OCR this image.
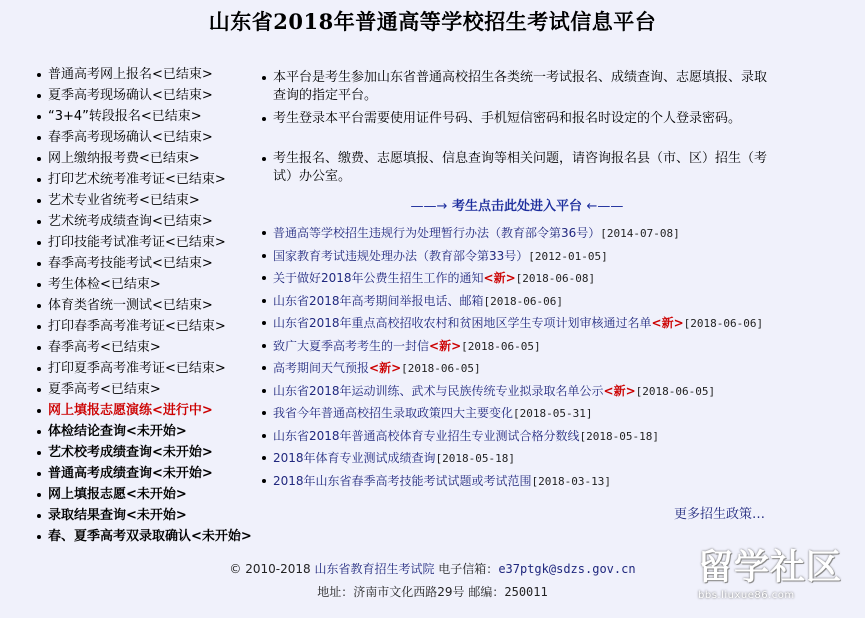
山东省2018年普通高等学校招生考试信息平台
普通高考网上报名<已结束>
夏季高考现场确认<已结束>
“3+4”转段报名<已结束>
春季高考现场确认<已结束>
网上缴纳报考费<已结束>
打印艺术统考准考证<已结束>
艺术专业省统考<已结束>
艺术统考成绩查询<已结束>
打印技能考试准考证<已结束>
春季高考技能考试<已结束>
考生体检<已结束>
体育类省统一测试<已结束>
打印春季高考准考证<已结束>
春季高考<已结束>
打印夏季高考准考证<已结束>
夏季高考<已结束>
网上填报志愿演练<进行中>
体检结论查询<未开始>
艺术校考成绩查询<未开始>
普通高考成绩查询<未开始>
网上填报志愿<未开始>
录取结果查询<未开始>
春、夏季高考双录取确认<未开始>
本平台是考生参加山东省普通高校招生各类统一考试报名、成绩查询、志愿填报、录取查询的指定平台。
考生登录本平台需要使用证件号码、手机短信密码和报名时设定的个人登录密码。
考生报名、缴费、志愿填报、信息查询等相关问题，请咨询报名县（市、区）招生（考试）办公室。
——→ 考生点击此处进入平台 ←——
普通高等学校招生违规行为处理暂行办法（教育部令第36号）[2014-07-08]
国家教育考试违规处理办法（教育部令第33号）[2012-01-05]
关于做好2018年公费生招生工作的通知<新>[2018-06-08]
山东省2018年高考期间举报电话、邮箱[2018-06-06]
山东省2018年重点高校招收农村和贫困地区学生专项计划审核通过名单<新>[2018-06-06]
致广大夏季高考考生的一封信<新>[2018-06-05]
高考期间天气预报<新>[2018-06-05]
山东省2018年运动训练、武术与民族传统专业拟录取名单公示<新>[2018-06-05]
我省今年普通高校招生录取政策四大主要变化[2018-05-31]
山东省2018年普通高校体育专业招生专业测试合格分数线[2018-05-18]
2018年体育专业测试成绩查询[2018-05-18]
2018年山东省春季高考技能考试试题或考试范围[2018-03-13]
更多招生政策…
© 2010-2018 山东省教育招生考试院 电子信箱：e37ptgk@sdzs.gov.cn
地址：济南市文化西路29号 邮编：250011
留学社区
bbs.liuxue86.com
